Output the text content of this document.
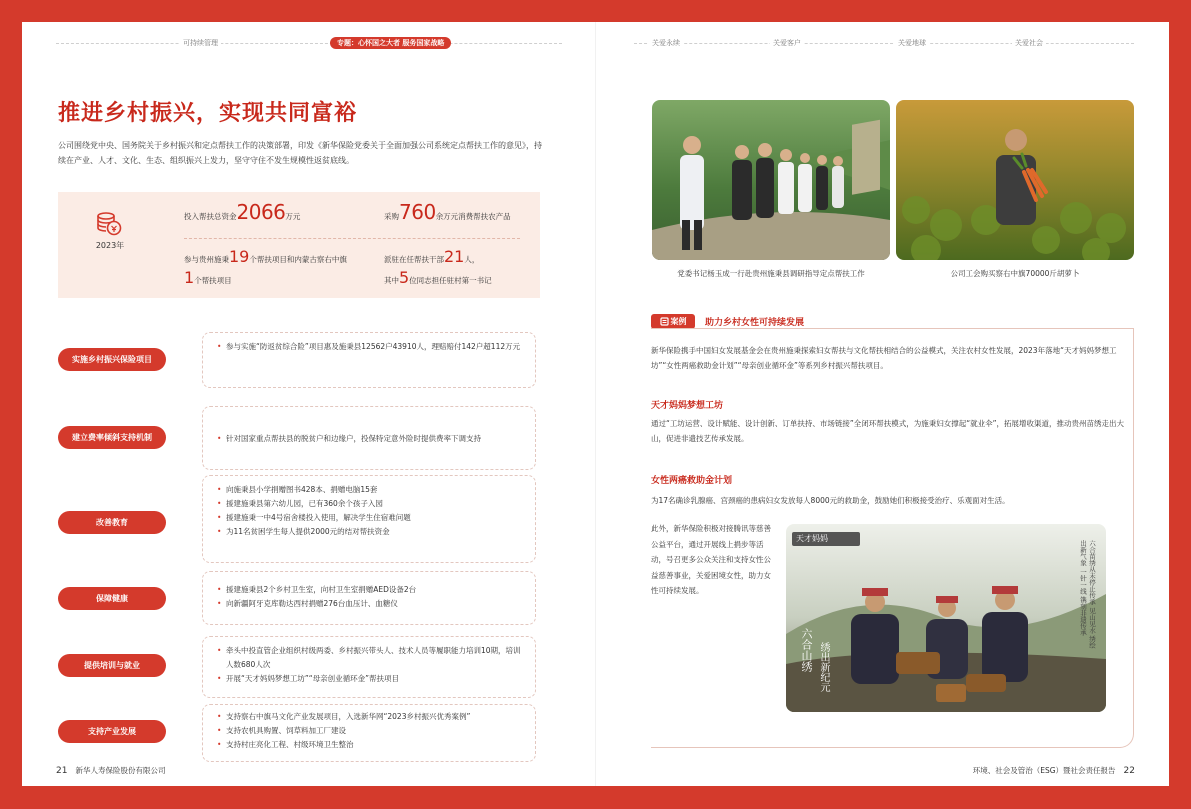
可持续管理	专题：心怀国之大者 服务国家战略	关爱永续	关爱客户	关爱地球	关爱社会
推进乡村振兴，实现共同富裕
公司围绕党中央、国务院关于乡村振兴和定点帮扶工作的决策部署，印发《新华保险党委关于全面加强公司系统定点帮扶工作的意见》，持续在产业、人才、文化、生态、组织振兴上发力，坚守守住不发生规模性返贫底线。
2023年
投入帮扶总资金2066万元	采购760余万元消费帮扶农产品
参与贵州施秉19个帮扶项目和内蒙古察右中旗
1个帮扶项目
派驻在任帮扶干部21人，
其中5位同志担任驻村第一书记
实施乡村振兴保险项目
• 参与实施“防返贫综合险”项目惠及施秉县12562户43910人，理赔赔付142户超112万元
建立费率倾斜支持机制
•	针对国家重点帮扶县的脱贫户和边缘户，投保特定意外险时提供费率下调支持
改善教育
• 向施秉县小学捐赠图书428本、捐赠电脑15套
• 援建施秉县第六幼儿园，已有360余个孩子入园
• 援建施秉一中4号宿舍楼投入使用，解决学生住宿难问题
• 为11名贫困学生每人提供2000元的结对帮扶资金
保障健康
• 援建施秉县2个乡村卫生室，向村卫生室捐赠AED设备2台
• 向新疆阿牙克库勒达西村捐赠276台血压计、血糖仪
提供培训与就业
• 牵头中投直管企业组织村级两委、乡村振兴带头人、技术人员等履职能力培训10期，培训人数680人次
• 开展“天才妈妈梦想工坊”“母亲创业循环金”帮扶项目
支持产业发展
• 支持察右中旗马文化产业发展项目，入选新华网“2023乡村振兴优秀案例”
• 支持农机具购置、饲草料加工厂建设
• 支持村庄亮化工程、村级环境卫生整治
21 新华人寿保险股份有限公司
党委书记杨玉成一行赴贵州施秉县调研指导定点帮扶工作	公司工会购买察右中旗70000斤胡萝卜
案例 助力乡村女性可持续发展
新华保险携手中国妇女发展基金会在贵州施秉探索妇女帮扶与文化帮扶相结合的公益模式，关注农村女性发展，2023年落地“天才妈妈梦想工坊”“女性两癌救助金计划”“母亲创业循环金”等系列乡村振兴帮扶项目。
天才妈妈梦想工坊
通过“工坊运营、设计赋能、设计创新、订单扶持、市场链接”全闭环帮扶模式，为施秉妇女撑起“就业伞”，拓展增收渠道，推动贵州苗绣走出大山，促进非遗技艺传承发展。
女性两癌救助金计划
为17名确诊乳腺癌、宫颈癌的患病妇女发放每人8000元的救助金，鼓励她们积极接受治疗、乐观面对生活。
此外，新华保险积极对接腾讯等慈善公益平台，通过开展线上捐步等活动，号召更多公众关注和支持女性公益慈善事业，关爱困境女性，助力女性可持续发展。
天才妈妈
六合苗绣从未停止传承 见山见水 绣绘出新气象 一针一线 镌刻非遗传承
六合山绣 绣出新纪元
环境、社会及管治（ESG）暨社会责任报告 22
